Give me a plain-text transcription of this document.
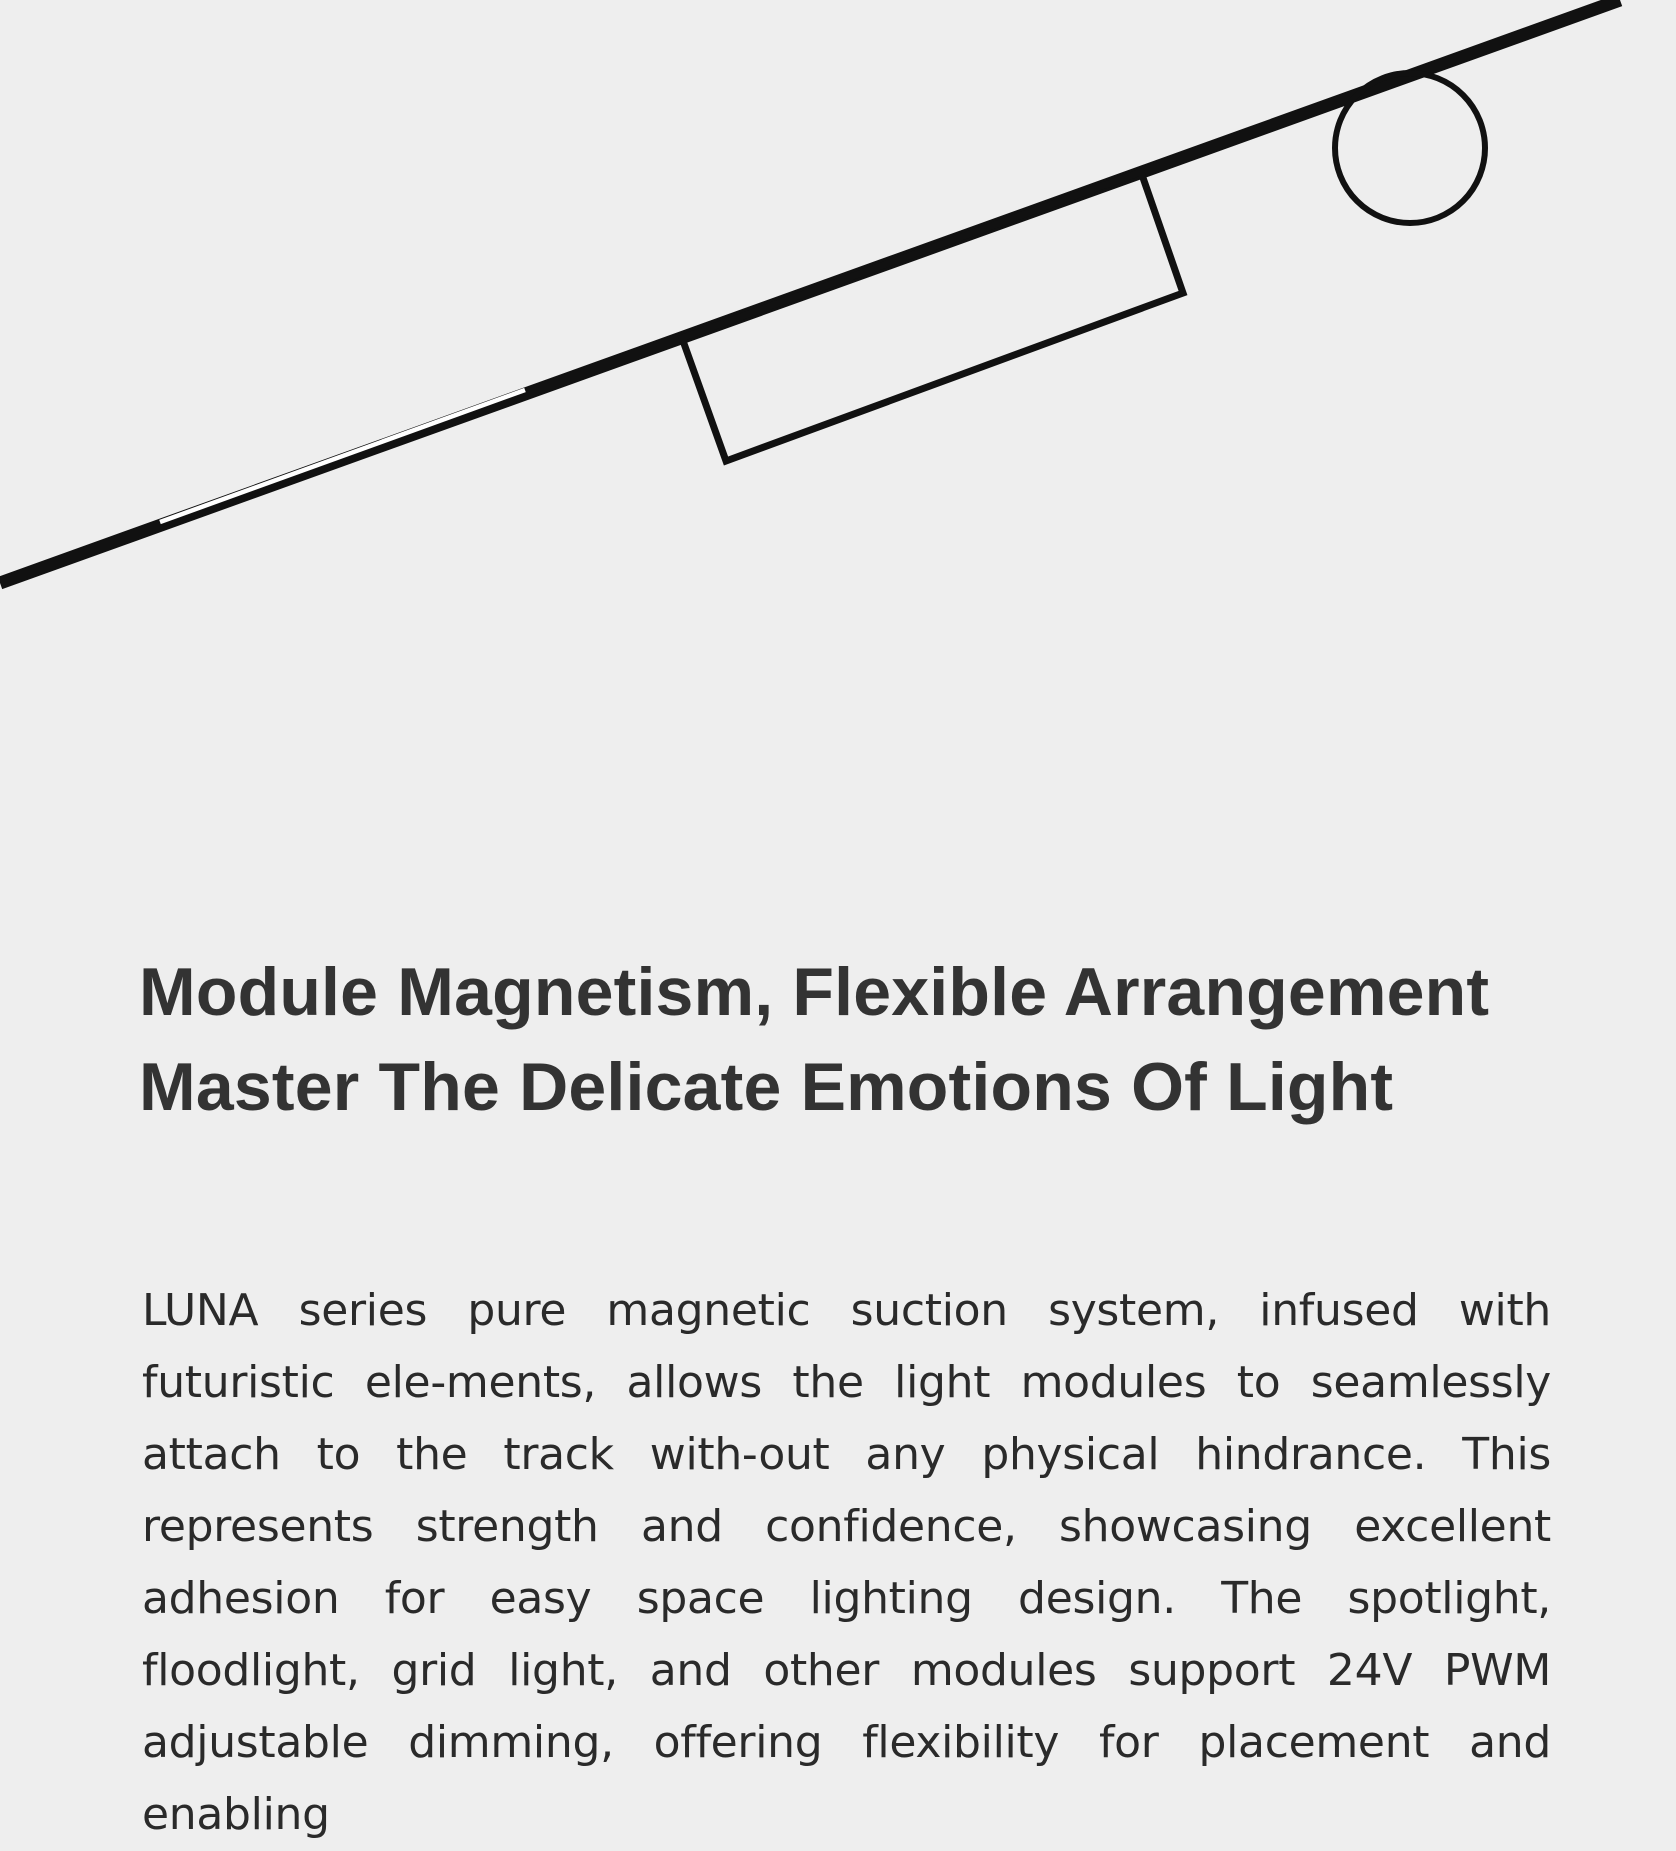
Module Magnetism, Flexible Arrangement
Master The Delicate Emotions Of Light

LUNA series pure magnetic suction system, infused with futuristic ele-ments, allows the light modules to seamlessly attach to the track with-out any physical hindrance. This represents strength and confidence, showcasing excellent adhesion for easy space lighting design. The spotlight, floodlight, grid light, and other modules support 24V PWM adjustable dimming, offering flexibility for placement and enabling
